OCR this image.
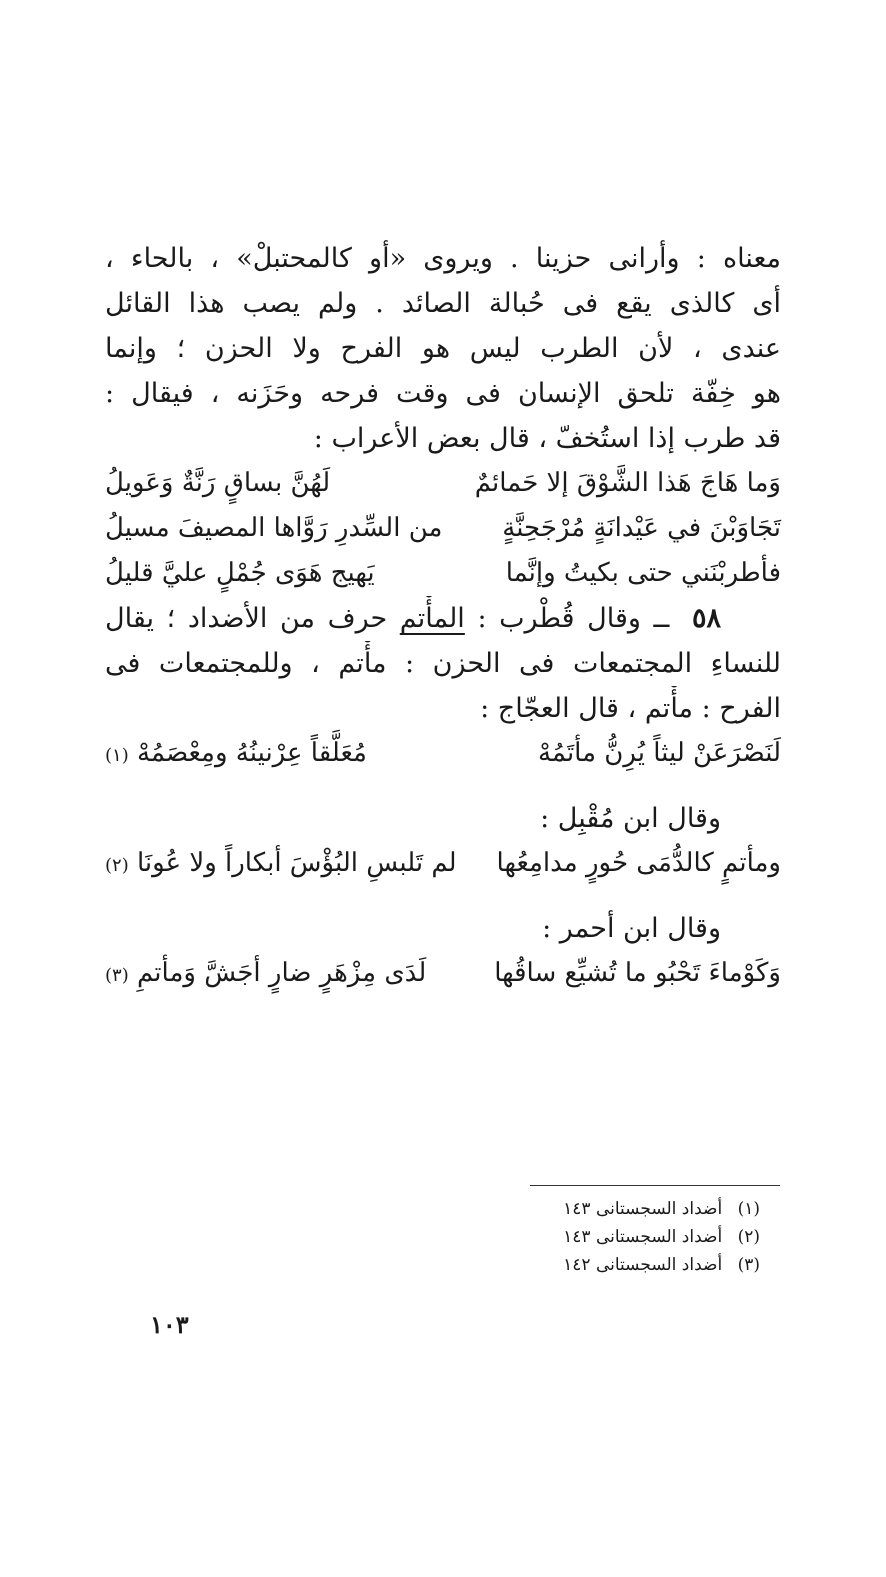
معناه : وأرانى حزينا . ويروى «أو كالمحتبلْ» ، بالحاء ،
أى كالذى يقع فى حُبالة الصائد . ولم يصب هذا القائل
عندى ، لأن الطرب ليس هو الفرح ولا الحزن ؛ وإنما
هو خِفّة تلحق الإنسان فى وقت فرحه وحَزَنه ، فيقال :
قد طرب إذا استُخفّ ، قال بعض الأعراب :
وَما هَاجَ هَذا الشَّوْقَ إلا حَمائمٌ
لَهُنَّ بساقٍ رَنَّةٌ وَعَويلُ
تَجَاوَبْنَ في عَيْدانَةٍ مُرْجَحِنَّةٍ
من السِّدرِ رَوَّاها المصيفَ مسيلُ
فأطربْنَني حتى بكيتُ وإنَّما
يَهيج هَوَى جُمْلٍ عليَّ قليلُ
٥٨ ــ وقال قُطْرب : المأْتم حرف من الأضداد ؛ يقال
للنساءِ المجتمعات فى الحزن : مأْتم ، وللمجتمعات فى
الفرح : مأْتم ، قال العجّاج :
لَنَصْرَعَنْ ليثاً يُرِنُّ مأتَمُهْ
مُعَلَّقاً عِرْنينُهُ ومِعْصَمُهْ (١)
وقال ابن مُقْبِل :
ومأتمٍ كالدُّمَى حُورٍ مدامِعُها
لم تَلبسِ البُؤْسَ أبكاراً ولا عُونَا (٢)
وقال ابن أحمر :
وَكَوْماءَ تَحْبُو ما تُشيِّع ساقُها
لَدَى مِزْهَرٍ ضارٍ أجَشَّ وَمأتمِ (٣)
(١) أضداد السجستانى ١٤٣
(٢) أضداد السجستانى ١٤٣
(٣) أضداد السجستانى ١٤٢
١٠٣
